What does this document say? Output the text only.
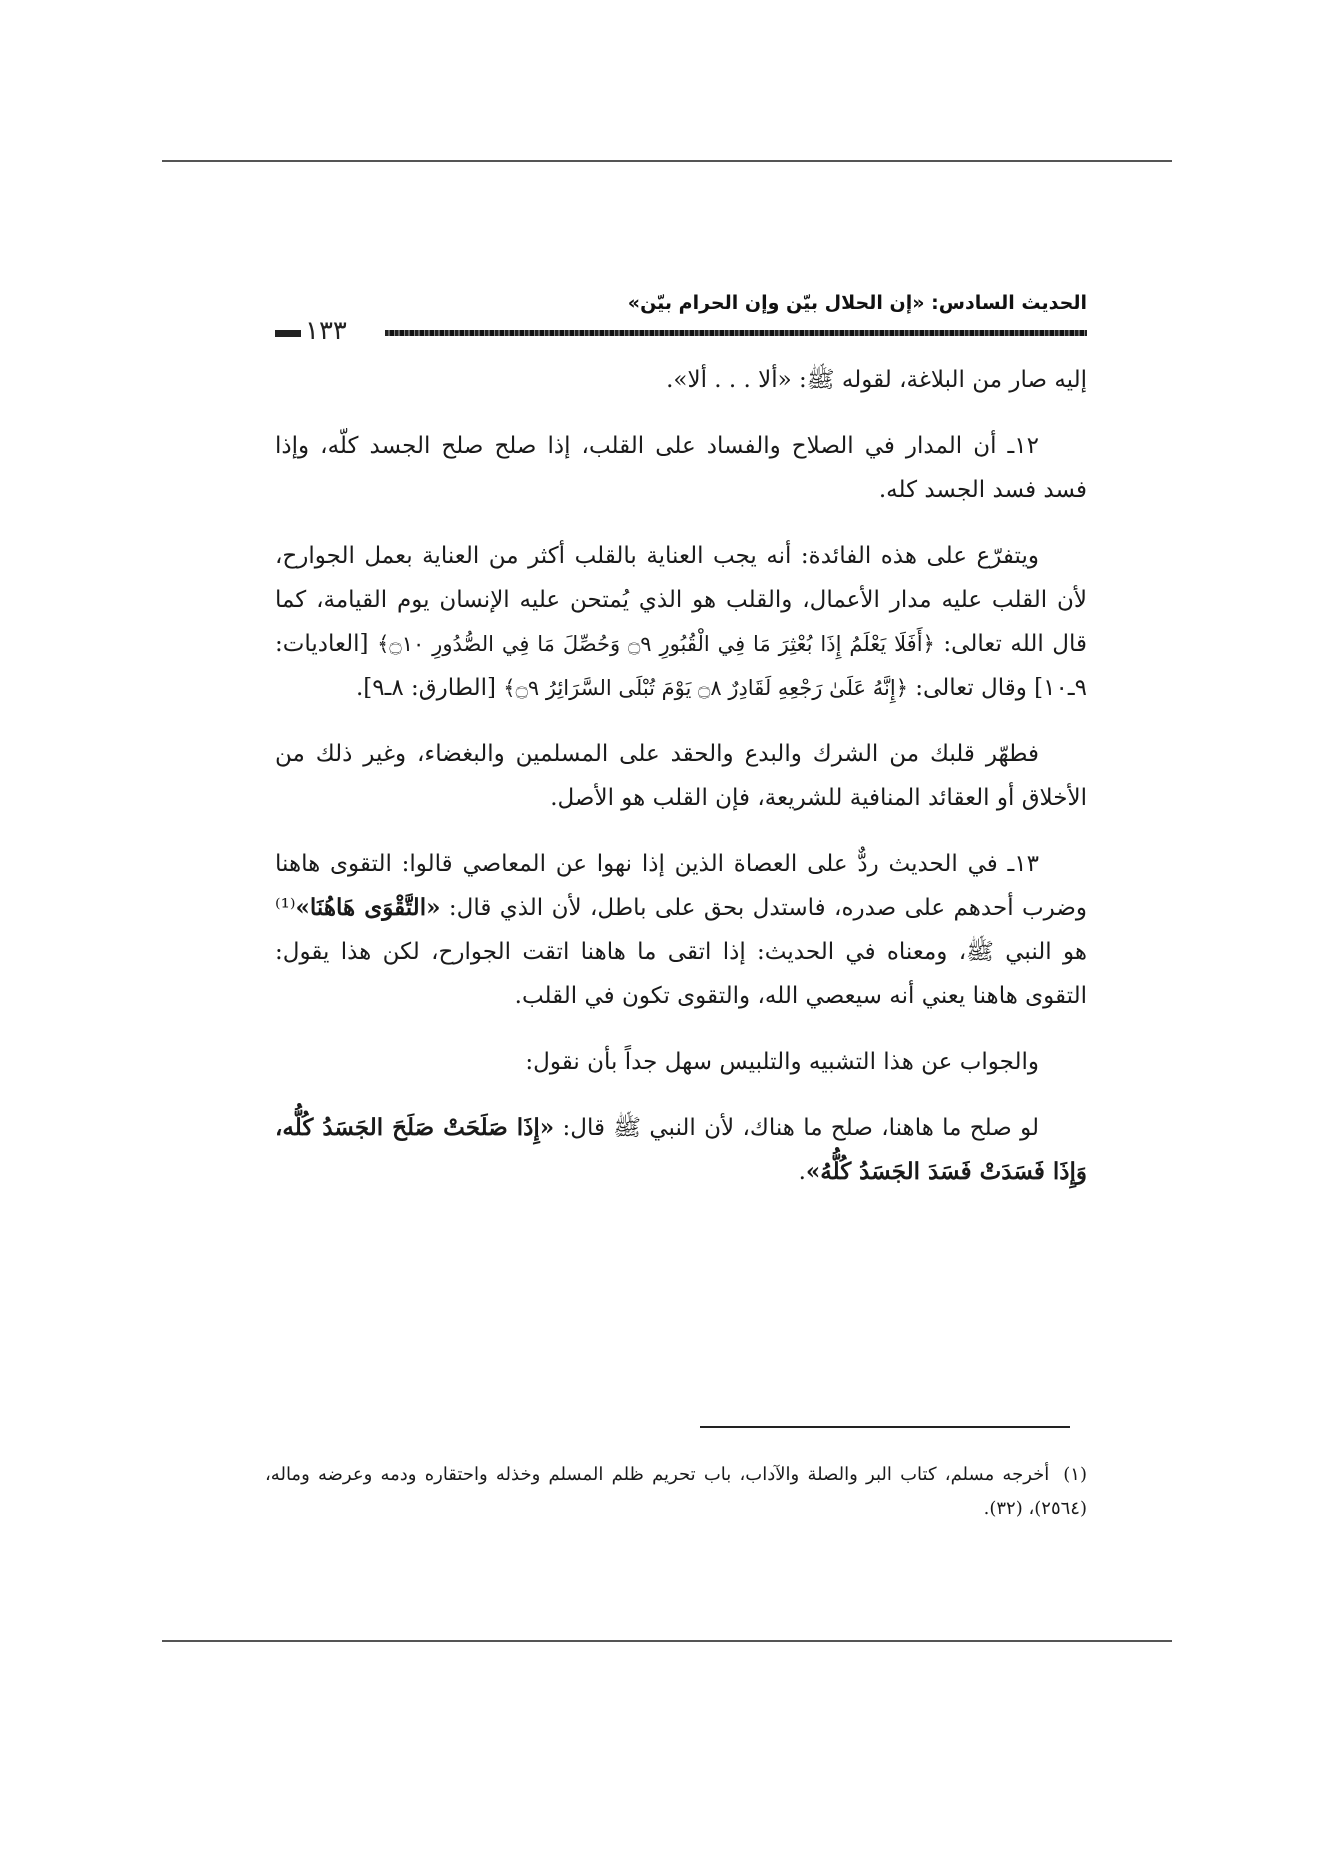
الحديث السادس: «إن الحلال بيّن وإن الحرام بيّن»
١٣٣

إليه صار من البلاغة، لقوله ﷺ: «ألا . . . ألا».

١٢ـ أن المدار في الصلاح والفساد على القلب، إذا صلح صلح الجسد كلّه، وإذا فسد فسد الجسد كله.

ويتفرّع على هذه الفائدة: أنه يجب العناية بالقلب أكثر من العناية بعمل الجوارح، لأن القلب عليه مدار الأعمال، والقلب هو الذي يُمتحن عليه الإنسان يوم القيامة، كما قال الله تعالى: ﴿أَفَلَا يَعْلَمُ إِذَا بُعْثِرَ مَا فِي الْقُبُورِ ۝٩ وَحُصِّلَ مَا فِي الصُّدُورِ ۝١٠﴾ [العاديات: ٩ـ١٠] وقال تعالى: ﴿إِنَّهُ عَلَىٰ رَجْعِهِ لَقَادِرٌ ۝٨ يَوْمَ تُبْلَى السَّرَائِرُ ۝٩﴾ [الطارق: ٨ـ٩].

فطهّر قلبك من الشرك والبدع والحقد على المسلمين والبغضاء، وغير ذلك من الأخلاق أو العقائد المنافية للشريعة، فإن القلب هو الأصل.

١٣ـ في الحديث ردٌّ على العصاة الذين إذا نهوا عن المعاصي قالوا: التقوى هاهنا وضرب أحدهم على صدره، فاستدل بحق على باطل، لأن الذي قال: «التَّقْوَى هَاهُنَا»⁽¹⁾ هو النبي ﷺ، ومعناه في الحديث: إذا اتقى ما هاهنا اتقت الجوارح، لكن هذا يقول: التقوى هاهنا يعني أنه سيعصي الله، والتقوى تكون في القلب.

والجواب عن هذا التشبيه والتلبيس سهل جداً بأن نقول:

لو صلح ما هاهنا، صلح ما هناك، لأن النبي ﷺ قال: «إِذَا صَلَحَتْ صَلَحَ الجَسَدُ كُلُّه، وَإِذَا فَسَدَتْ فَسَدَ الجَسَدُ كُلُّهُ».

(١)أخرجه مسلم، كتاب البر والصلة والآداب، باب تحريم ظلم المسلم وخذله واحتقاره ودمه وعرضه وماله، (٢٥٦٤)، (٣٢).
